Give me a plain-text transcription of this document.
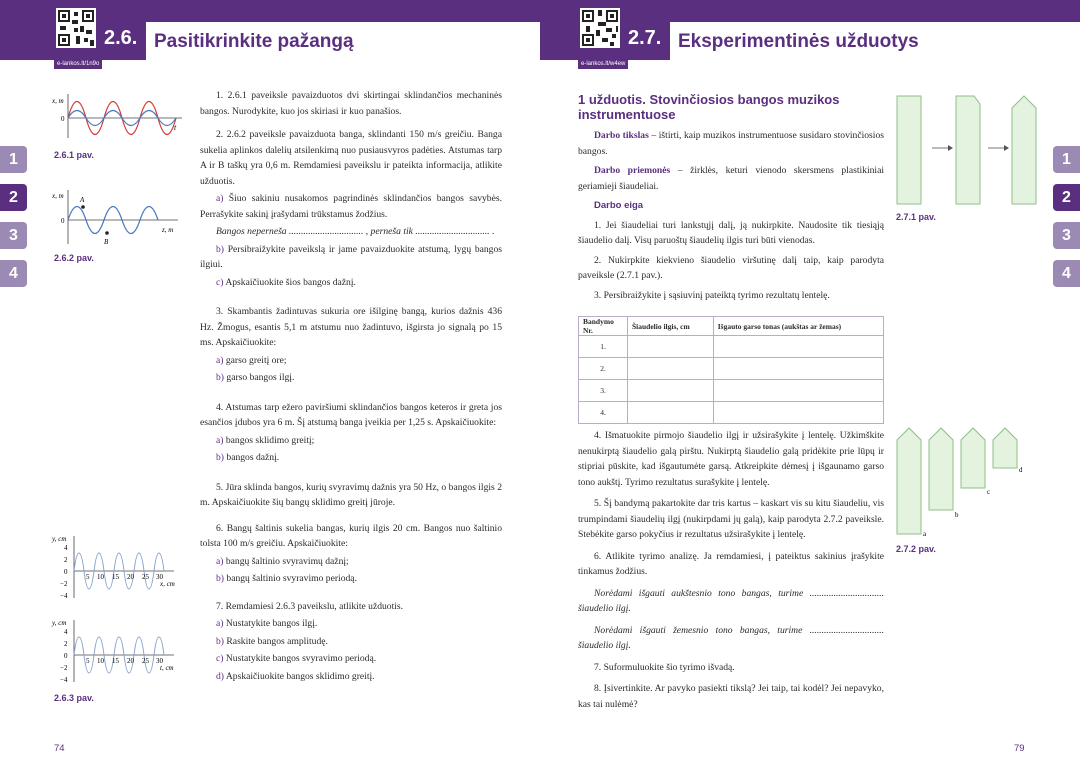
2.6. Pasitikrinkite pažangą
e-lankos.lt/1n9o
1
2
3
4
x, m
0
t
2.6.1 pav.
A
B
x, m
0
z, m
2.6.2 pav.
y, cm
4
2
0
−2
−4
5 10 15 20 25 30
x, cm
y, cm
4
2
0
−2
−4
5 10 15 20 25 30
t, cm
2.6.3 pav.

1. 2.6.1 paveiksle pavaizduotos dvi skirtingai sklindančios mechaninės bangos. Nurodykite, kuo jos skiriasi ir kuo panašios.

2. 2.6.2 paveiksle pavaizduota banga, sklindanti 150 m/s greičiu. Banga sukelia aplinkos dalelių atsilenkimą nuo pusiausvyros padėties. Atstumas tarp A ir B taškų yra 0,6 m. Remdamiesi paveikslu ir pateikta informacija, atlikite užduotis.

a) Šiuo sakiniu nusakomos pagrindinės sklindančios bangos savybės. Perrašykite sakinį įrašydami trūkstamus žodžius.

Bangos neperneša ............................... , perneša tik ............................... .

b) Persibraižykite paveikslą ir jame pavaizduokite atstumą, lygų bangos ilgiui.

c) Apskaičiuokite šios bangos dažnį.

3. Skambantis žadintuvas sukuria ore išilginę bangą, kurios dažnis 436 Hz. Žmogus, esantis 5,1 m atstumu nuo žadintuvo, išgirsta jo signalą po 15 ms. Apskaičiuokite:

a) garso greitį ore;

b) garso bangos ilgį.

4. Atstumas tarp ežero paviršiumi sklindančios bangos keteros ir greta jos esančios įdubos yra 6 m. Šį atstumą banga įveikia per 1,25 s. Apskaičiuokite:

a) bangos sklidimo greitį;

b) bangos dažnį.

5. Jūra sklinda bangos, kurių svyravimų dažnis yra 50 Hz, o bangos ilgis 2 m. Apskaičiuokite šių bangų sklidimo greitį jūroje.

6. Bangų šaltinis sukelia bangas, kurių ilgis 20 cm. Bangos nuo šaltinio tolsta 100 m/s greičiu. Apskaičiuokite:

a) bangų šaltinio svyravimų dažnį;

b) bangų šaltinio svyravimo periodą.

7. Remdamiesi 2.6.3 paveikslu, atlikite užduotis.

a) Nustatykite bangos ilgį.

b) Raskite bangos amplitudę.

c) Nustatykite bangos svyravimo periodą.

d) Apskaičiuokite bangos sklidimo greitį.

74
2.7. Eksperimentinės užduotys
e-lankos.lt/w4ew
1
2
3
4
1 užduotis. Stovinčiosios bangos muzikos instrumentuose

Darbo tikslas – ištirti, kaip muzikos instrumentuose susidaro stovinčiosios bangos.

Darbo priemonės – žirklės, keturi vienodo skersmens plastikiniai geriamieji šiaudeliai.

Darbo eiga

1. Jei šiaudeliai turi lankstųjį dalį, ją nukirpkite. Naudosite tik tiesiąją šiaudelio dalį. Visų paruoštų šiaudelių ilgis turi būti vienodas.

2. Nukirpkite kiekvieno šiaudelio viršutinę dalį taip, kaip parodyta paveiksle (2.7.1 pav.).

3. Persibraižykite į sąsiuvinį pateiktą tyrimo rezultatų lentelę.

Bandymo Nr.	Šiaudelio ilgis, cm	Išgauto garso tonas (aukštas ar žemas)
1.		
2.		
3.		
4.		

4. Išmatuokite pirmojo šiaudelio ilgį ir užsirašykite į lentelę. Užkimškite nenukirptą šiaudelio galą pirštu. Nukirptą šiaudelio galą pridėkite prie lūpų ir stipriai pūskite, kad išgautumėte garsą. Atkreipkite dėmesį į išgaunamo garso tono aukštį. Tyrimo rezultatus surašykite į lentelę.

5. Šį bandymą pakartokite dar tris kartus – kaskart vis su kitu šiaudeliu, vis trumpindami šiaudelių ilgį (nukirpdami jų galą), kaip parodyta 2.7.2 paveiksle. Stebėkite garso pokyčius ir rezultatus užsirašykite į lentelę.

6. Atlikite tyrimo analizę. Ja remdamiesi, į pateiktus sakinius įrašykite tinkamus žodžius.

Norėdami išgauti aukštesnio tono bangas, turime ............................... šiaudelio ilgį.

Norėdami išgauti žemesnio tono bangas, turime ............................... šiaudelio ilgį.

7. Suformuluokite šio tyrimo išvadą.

8. Įsivertinkite. Ar pavyko pasiekti tikslą? Jei taip, tai kodėl? Jei nepavyko, kas tai nulėmė?

2.7.1 pav.
a
b
c
d
2.7.2 pav.
79
